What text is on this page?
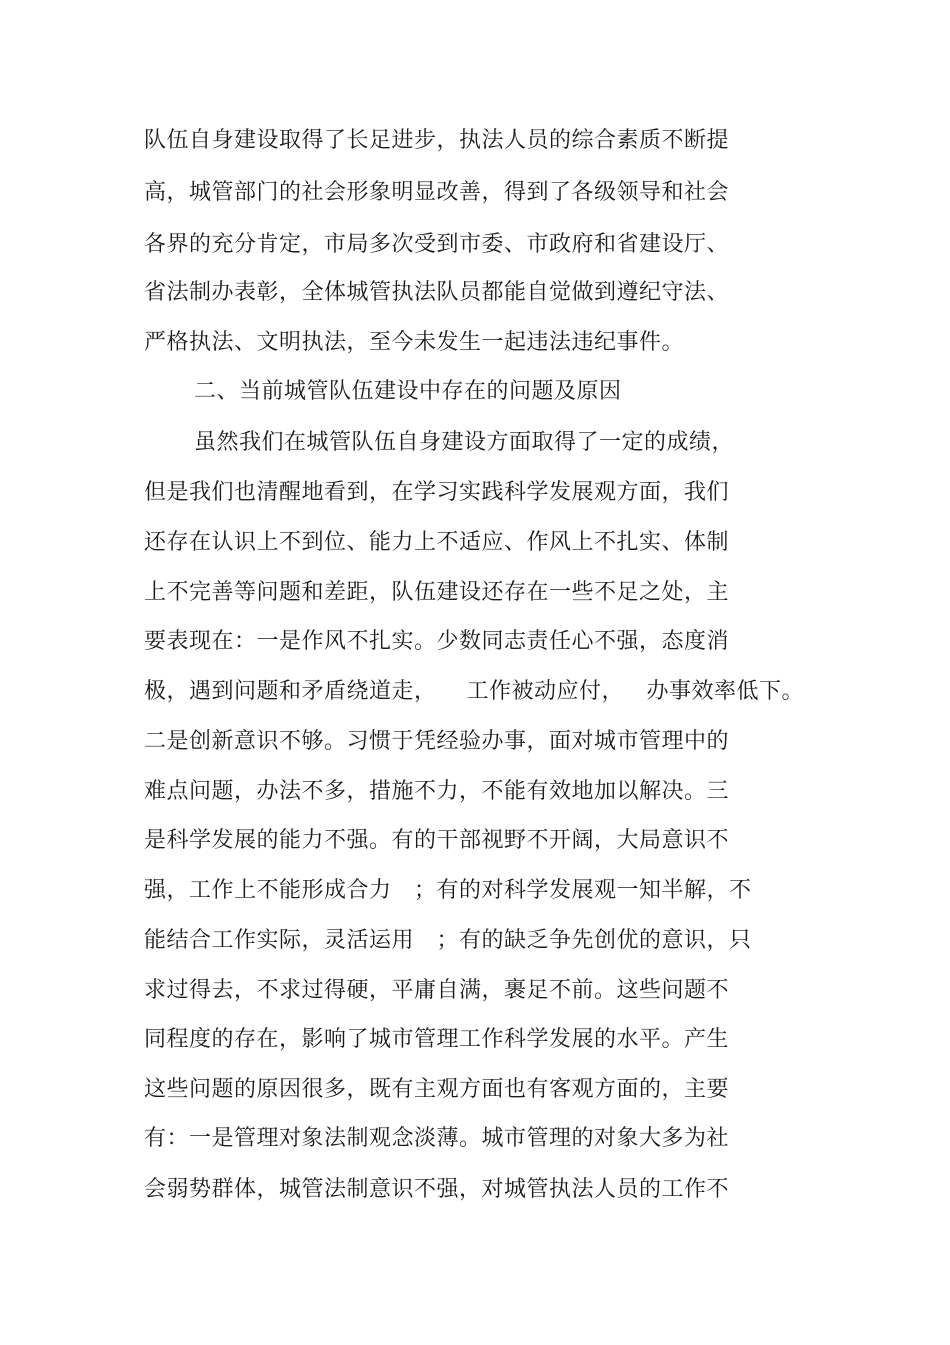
队伍自身建设取得了长足进步，执法人员的综合素质不断提
高，城管部门的社会形象明显改善，得到了各级领导和社会
各界的充分肯定，市局多次受到市委、市政府和省建设厅、
省法制办表彰，全体城管执法队员都能自觉做到遵纪守法、
严格执法、文明执法，至今未发生一起违法违纪事件。
二、当前城管队伍建设中存在的问题及原因
虽然我们在城管队伍自身建设方面取得了一定的成绩，
但是我们也清醒地看到，在学习实践科学发展观方面，我们
还存在认识上不到位、能力上不适应、作风上不扎实、体制
上不完善等问题和差距，队伍建设还存在一些不足之处，主
要表现在：一是作风不扎实。少数同志责任心不强，态度消
极，遇到问题和矛盾绕道走，    工作被动应付，   办事效率低下。
二是创新意识不够。习惯于凭经验办事，面对城市管理中的
难点问题，办法不多，措施不力，不能有效地加以解决。三
是科学发展的能力不强。有的干部视野不开阔，大局意识不
强，工作上不能形成合力   ；有的对科学发展观一知半解，不
能结合工作实际，灵活运用   ；有的缺乏争先创优的意识，只
求过得去，不求过得硬，平庸自满，裹足不前。这些问题不
同程度的存在，影响了城市管理工作科学发展的水平。产生
这些问题的原因很多，既有主观方面也有客观方面的，主要
有：一是管理对象法制观念淡薄。城市管理的对象大多为社
会弱势群体，城管法制意识不强，对城管执法人员的工作不
